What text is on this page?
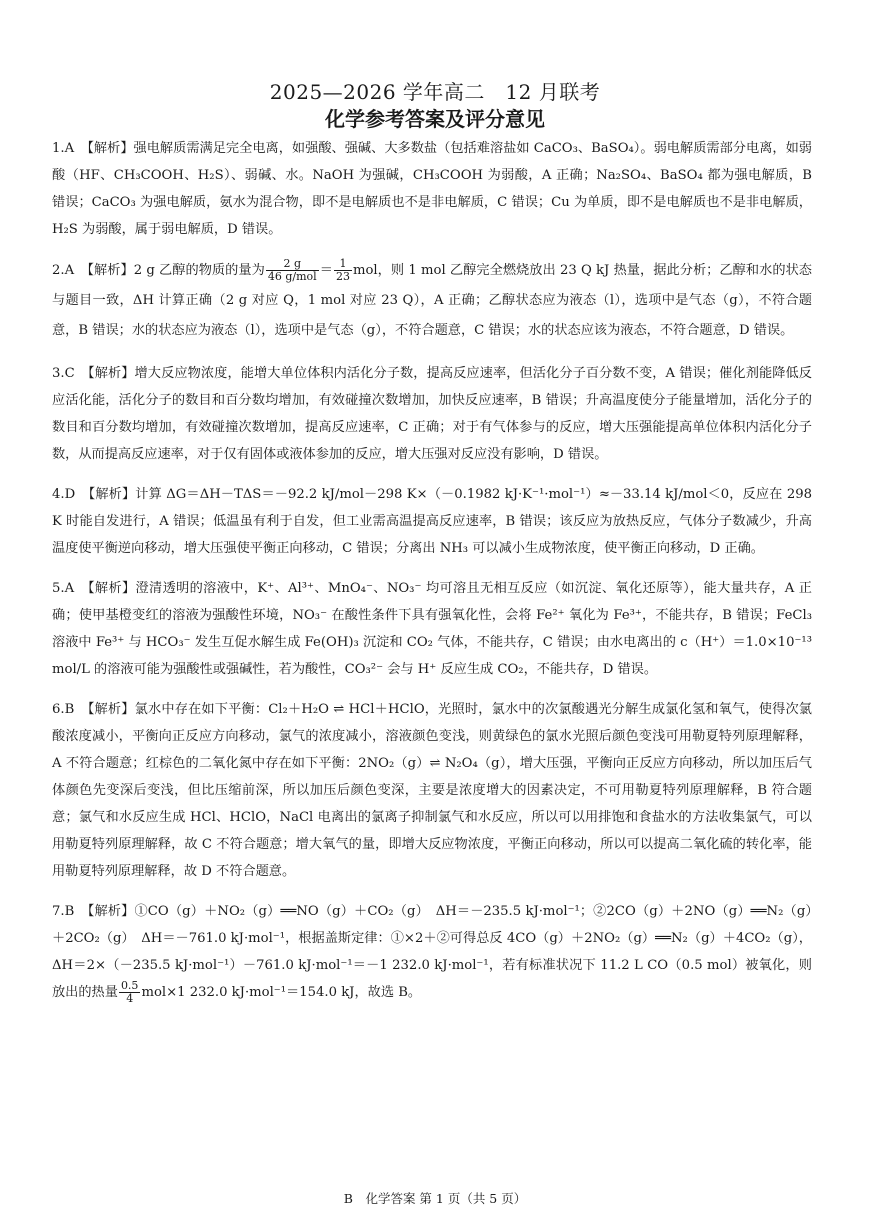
2025—2026 学年高二　12 月联考
化学参考答案及评分意见

1.A　【解析】强电解质需满足完全电离，如强酸、强碱、大多数盐（包括难溶盐如 CaCO₃、BaSO₄）。弱电解质需部分电离，如弱酸（HF、CH₃COOH、H₂S）、弱碱、水。NaOH 为强碱，CH₃COOH 为弱酸，A 正确；Na₂SO₄、BaSO₄ 都为强电解质，B 错误；CaCO₃ 为强电解质，氨水为混合物，即不是电解质也不是非电解质，C 错误；Cu 为单质，即不是电解质也不是非电解质，H₂S 为弱酸，属于弱电解质，D 错误。

2.A　【解析】2 g 乙醇的物质的量为 $\frac{2 g}{\text{46 g/mol}} = \frac{1}{23}$ mol，则 1 mol 乙醇完全燃烧放出 23 Q kJ 热量，据此分析；乙醇和水的状态与题目一致，ΔH 计算正确（2 g 对应 Q，1 mol 对应 23 Q），A 正确；乙醇状态应为液态（l），选项中是气态（g），不符合题意，B 错误；水的状态应为液态（l），选项中是气态（g），不符合题意，C 错误；水的状态应该为液态，不符合题意，D 错误。

3.C　【解析】增大反应物浓度，能增大单位体积内活化分子数，提高反应速率，但活化分子百分数不变，A 错误；催化剂能降低反应活化能，活化分子的数目和百分数均增加，有效碰撞次数增加，加快反应速率，B 错误；升高温度使分子能量增加，活化分子的数目和百分数均增加，有效碰撞次数增加，提高反应速率，C 正确；对于有气体参与的反应，增大压强能提高单位体积内活化分子数，从而提高反应速率，对于仅有固体或液体参加的反应，增大压强对反应没有影响，D 错误。

4.D　【解析】计算 ΔG＝ΔH－TΔS＝－92.2 kJ/mol－298 K×（－0.1982 kJ·K⁻¹·mol⁻¹）≈－33.14 kJ/mol＜0，反应在 298 K 时能自发进行，A 错误；低温虽有利于自发，但工业需高温提高反应速率，B 错误；该反应为放热反应，气体分子数减少，升高温度使平衡逆向移动，增大压强使平衡正向移动，C 错误；分离出 NH₃ 可以减小生成物浓度，使平衡正向移动，D 正确。

5.A　【解析】澄清透明的溶液中，K⁺、Al³⁺、MnO₄⁻、NO₃⁻ 均可溶且无相互反应（如沉淀、氧化还原等），能大量共存，A 正确；使甲基橙变红的溶液为强酸性环境，NO₃⁻ 在酸性条件下具有强氧化性，会将 Fe²⁺ 氧化为 Fe³⁺，不能共存，B 错误；FeCl₃ 溶液中 Fe³⁺ 与 HCO₃⁻ 发生互促水解生成 Fe(OH)₃ 沉淀和 CO₂ 气体，不能共存，C 错误；由水电离出的 c（H⁺）＝1.0×10⁻¹³ mol/L 的溶液可能为强酸性或强碱性，若为酸性，CO₃²⁻ 会与 H⁺ 反应生成 CO₂，不能共存，D 错误。

6.B　【解析】氯水中存在如下平衡：Cl₂＋H₂O ⇌ HCl＋HClO，光照时，氯水中的次氯酸遇光分解生成氯化氢和氧气，使得次氯酸浓度减小，平衡向正反应方向移动，氯气的浓度减小，溶液颜色变浅，则黄绿色的氯水光照后颜色变浅可用勒夏特列原理解释，A 不符合题意；红棕色的二氧化氮中存在如下平衡：2NO₂（g）⇌ N₂O₄（g），增大压强，平衡向正反应方向移动，所以加压后气体颜色先变深后变浅，但比压缩前深，所以加压后颜色变深，主要是浓度增大的因素决定，不可用勒夏特列原理解释，B 符合题意；氯气和水反应生成 HCl、HClO，NaCl 电离出的氯离子抑制氯气和水反应，所以可以用排饱和食盐水的方法收集氯气，可以用勒夏特列原理解释，故 C 不符合题意；增大氧气的量，即增大反应物浓度，平衡正向移动，所以可以提高二氧化硫的转化率，能用勒夏特列原理解释，故 D 不符合题意。

7.B　【解析】①CO（g）＋NO₂（g）══NO（g）＋CO₂（g）　ΔH＝－235.5 kJ·mol⁻¹；②2CO（g）＋2NO（g）══N₂（g）＋2CO₂（g）　ΔH＝－761.0 kJ·mol⁻¹，根据盖斯定律：①×2＋②可得总反 4CO（g）＋2NO₂（g）══N₂（g）＋4CO₂（g），ΔH＝2×（－235.5 kJ·mol⁻¹）－761.0 kJ·mol⁻¹＝－1 232.0 kJ·mol⁻¹，若有标准状况下 11.2 L CO（0.5 mol）被氧化，则放出的热量 $\frac{0.5}{4} mol\times 1$ 232.0 kJ·mol⁻¹＝154.0 kJ，故选 B。

B　化学答案 第 1 页（共 5 页）
